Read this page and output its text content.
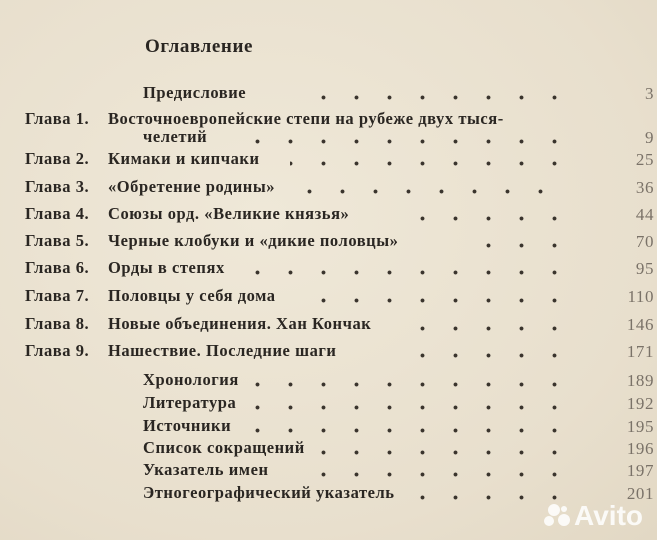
Оглавление
Предисловие	3
Глава 1. Восточноевропейские степи на рубеже двух тыся-
челетий	9
Глава 2. Кимаки и кипчаки	25
Глава 3. «Обретение родины»	36
Глава 4. Союзы орд. «Великие князья»	44
Глава 5. Черные клобуки и «дикие половцы»	70
Глава 6. Орды в степях	95
Глава 7. Половцы у себя дома	110
Глава 8. Новые объединения. Хан Кончак	146
Глава 9. Нашествие. Последние шаги	171
Хронология	189
Литература	192
Источники	195
Список сокращений	196
Указатель имен	197
Этногеографический указатель	201
Avito
